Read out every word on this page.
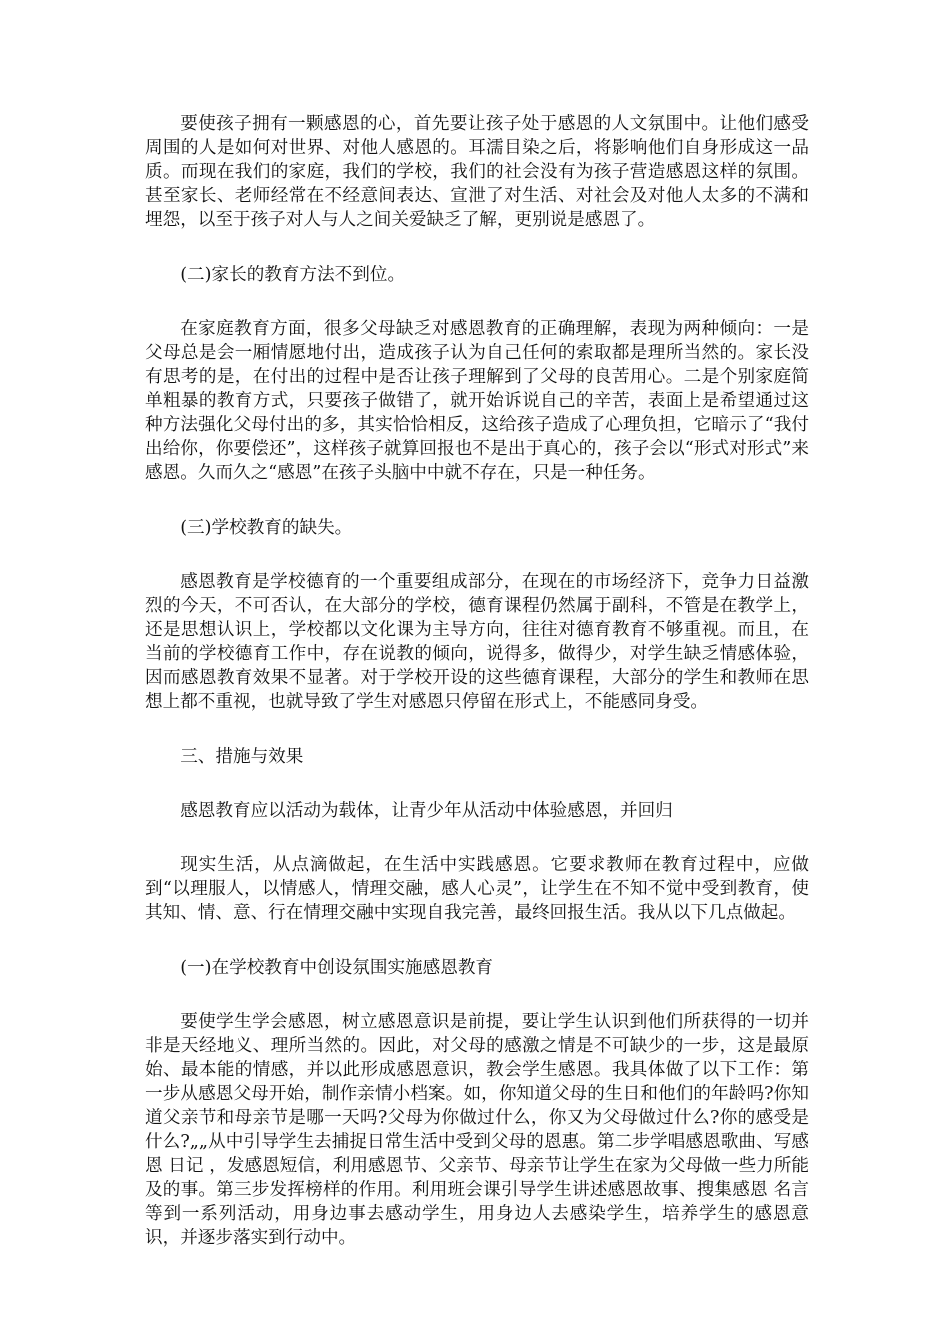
要使孩子拥有一颗感恩的心，首先要让孩子处于感恩的人文氛围中。让他们感受周围的人是如何对世界、对他人感恩的。耳濡目染之后，将影响他们自身形成这一品质。而现在我们的家庭，我们的学校，我们的社会没有为孩子营造感恩这样的氛围。甚至家长、老师经常在不经意间表达、宣泄了对生活、对社会及对他人太多的不满和埋怨，以至于孩子对人与人之间关爱缺乏了解，更别说是感恩了。

(二)家长的教育方法不到位。

在家庭教育方面，很多父母缺乏对感恩教育的正确理解，表现为两种倾向：一是父母总是会一厢情愿地付出，造成孩子认为自己任何的索取都是理所当然的。家长没有思考的是，在付出的过程中是否让孩子理解到了父母的良苦用心。二是个别家庭简单粗暴的教育方式，只要孩子做错了，就开始诉说自己的辛苦，表面上是希望通过这种方法强化父母付出的多，其实恰恰相反，这给孩子造成了心理负担，它暗示了“我付出给你，你要偿还”，这样孩子就算回报也不是出于真心的，孩子会以“形式对形式”来感恩。久而久之“感恩”在孩子头脑中中就不存在，只是一种任务。

(三)学校教育的缺失。

感恩教育是学校德育的一个重要组成部分，在现在的市场经济下，竞争力日益激烈的今天，不可否认，在大部分的学校，德育课程仍然属于副科，不管是在教学上，还是思想认识上，学校都以文化课为主导方向，往往对德育教育不够重视。而且，在当前的学校德育工作中，存在说教的倾向，说得多，做得少，对学生缺乏情感体验，因而感恩教育效果不显著。对于学校开设的这些德育课程，大部分的学生和教师在思想上都不重视，也就导致了学生对感恩只停留在形式上，不能感同身受。

三、措施与效果

感恩教育应以活动为载体，让青少年从活动中体验感恩，并回归

现实生活，从点滴做起，在生活中实践感恩。它要求教师在教育过程中，应做到“以理服人，以情感人，情理交融，感人心灵”，让学生在不知不觉中受到教育，使其知、情、意、行在情理交融中实现自我完善，最终回报生活。我从以下几点做起。

(一)在学校教育中创设氛围实施感恩教育

要使学生学会感恩，树立感恩意识是前提，要让学生认识到他们所获得的一切并非是天经地义、理所当然的。因此，对父母的感激之情是不可缺少的一步，这是最原始、最本能的情感，并以此形成感恩意识，教会学生感恩。我具体做了以下工作：第一步从感恩父母开始，制作亲情小档案。如，你知道父母的生日和他们的年龄吗?你知道父亲节和母亲节是哪一天吗?父母为你做过什么，你又为父母做过什么?你的感受是什么?„„从中引导学生去捕捉日常生活中受到父母的恩惠。第二步学唱感恩歌曲、写感恩 日记 ，发感恩短信，利用感恩节、父亲节、母亲节让学生在家为父母做一些力所能及的事。第三步发挥榜样的作用。利用班会课引导学生讲述感恩故事、搜集感恩 名言 等到一系列活动，用身边事去感动学生，用身边人去感染学生，培养学生的感恩意识，并逐步落实到行动中。
